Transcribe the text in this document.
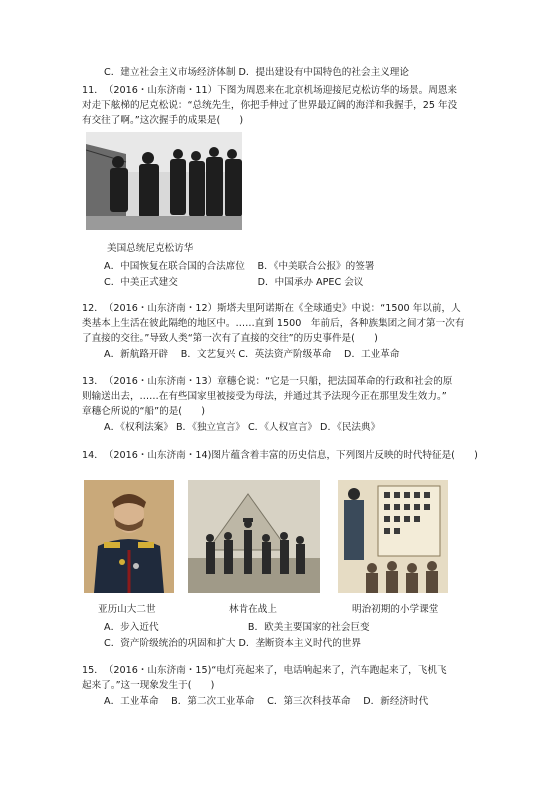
C．建立社会主义市场经济体制 D．提出建设有中国特色的社会主义理论
11．　（2016・山东济南・11）下图为周恩来在北京机场迎接尼克松访华的场景。周恩来
对走下舷梯的尼克松说：“总统先生，你把手伸过了世界最辽阔的海洋和我握手，25 年没
有交往了啊。”这次握手的成果是(　　)
美国总统尼克松访华
A．中国恢复在联合国的合法席位　 B．《中美联合公报》的签署
C．中美正式建交　　　　　　　　 D．中国承办 APEC 会议
12．　（2016・山东济南・12）斯塔夫里阿诺斯在《全球通史》中说：“1500 年以前，人
类基本上生活在彼此隔绝的地区中。……直到 1500　年前后，各种族集团之间才第一次有
了直接的交往。”导致人类“第一次有了直接的交往”的历史事件是(　　)
A．新航路开辟　 B．文艺复兴 C．英法资产阶级革命　 D．工业革命
13．　（2016・山东济南・13）章穗仑说：“它是一只船，把法国革命的行政和社会的原
则输送出去，……在有些国家里被接受为母法，并通过其予法现今正在那里发生效力。”
章穗仑所说的“船”的是(　　)
A．《权利法案》 B．《独立宣言》 C．《人权宣言》 D．《民法典》
14．　（2016・山东济南・14)图片蕴含着丰富的历史信息，下列图片反映的时代特征是(　　)
亚历山大二世	林肯在战上	明治初期的小学课堂
A．步入近代　　　　　　　　　 B．欧美主要国家的社会巨变
C．资产阶级统治的巩固和扩大 D．垄断资本主义时代的世界
15．　（2016・山东济南・15)“电灯亮起来了，电话响起来了，汽车跑起来了，飞机飞
起来了。”这一现象发生于(　　)
A．工业革命　 B．第二次工业革命　 C．第三次科技革命　 D．新经济时代
